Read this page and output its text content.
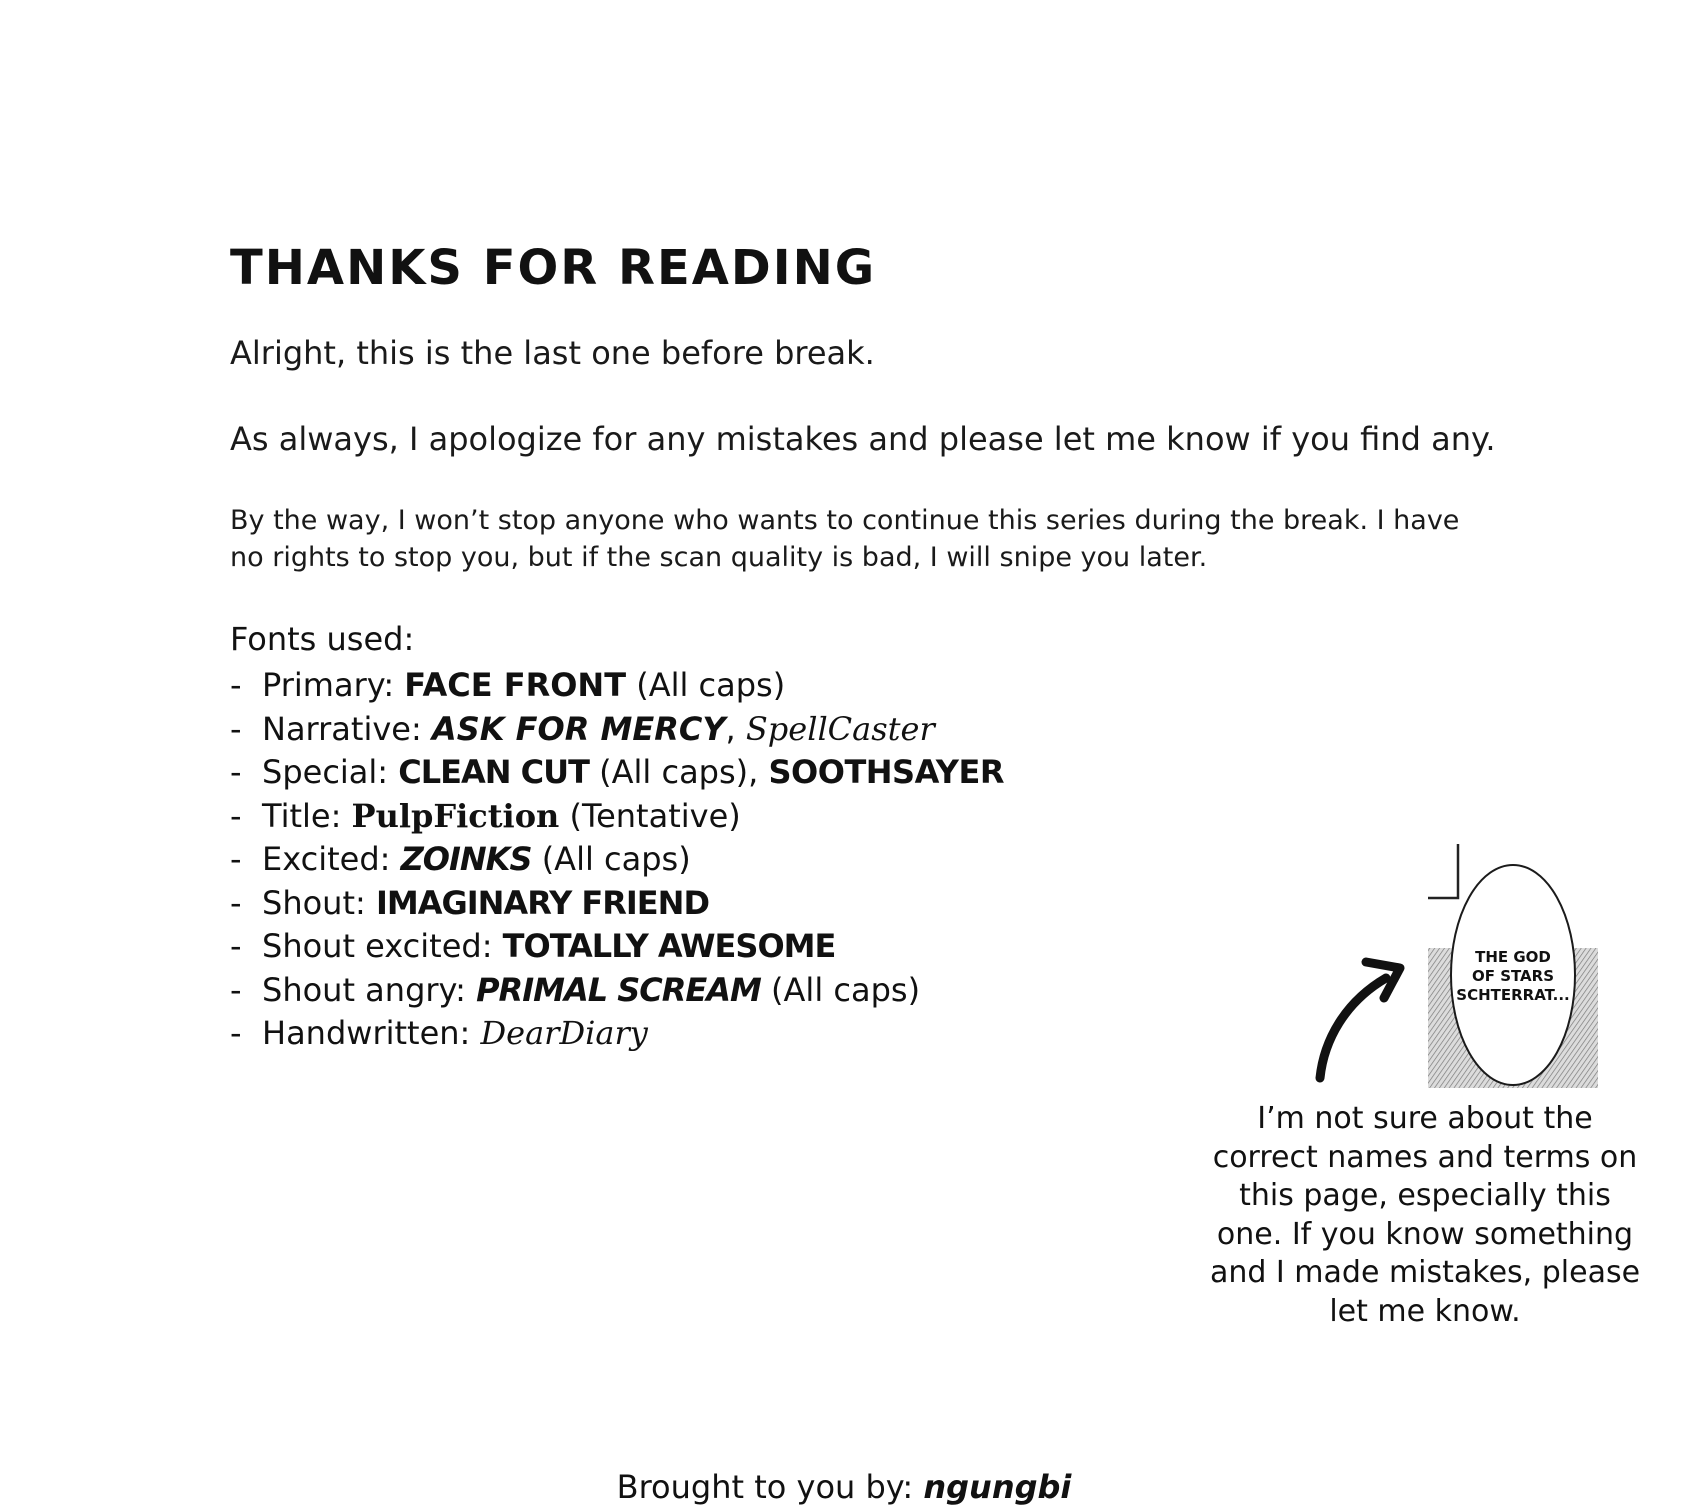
THANKS FOR READING

Alright, this is the last one before break.

As always, I apologize for any mistakes and please let me know if you find any.

By the way, I won’t stop anyone who wants to continue this series during the break. I have no rights to stop you, but if the scan quality is bad, I will snipe you later.

Fonts used:

- Primary: FACE FRONT (All caps)
- Narrative: ASK FOR MERCY, SpellCaster
- Special: CLEAN CUT (All caps), SOOTHSAYER
- Title: PulpFiction (Tentative)
- Excited: ZOINKS (All caps)
- Shout: IMAGINARY FRIEND
- Shout excited: TOTALLY AWESOME
- Shout angry: PRIMAL SCREAM (All caps)
- Handwritten: DearDiary
THE GOD
OF STARS
SCHTERRAT...

I’m not sure about the correct names and terms on this page, especially this one. If you know something and I made mistakes, please let me know.

Brought to you by: ngungbi
